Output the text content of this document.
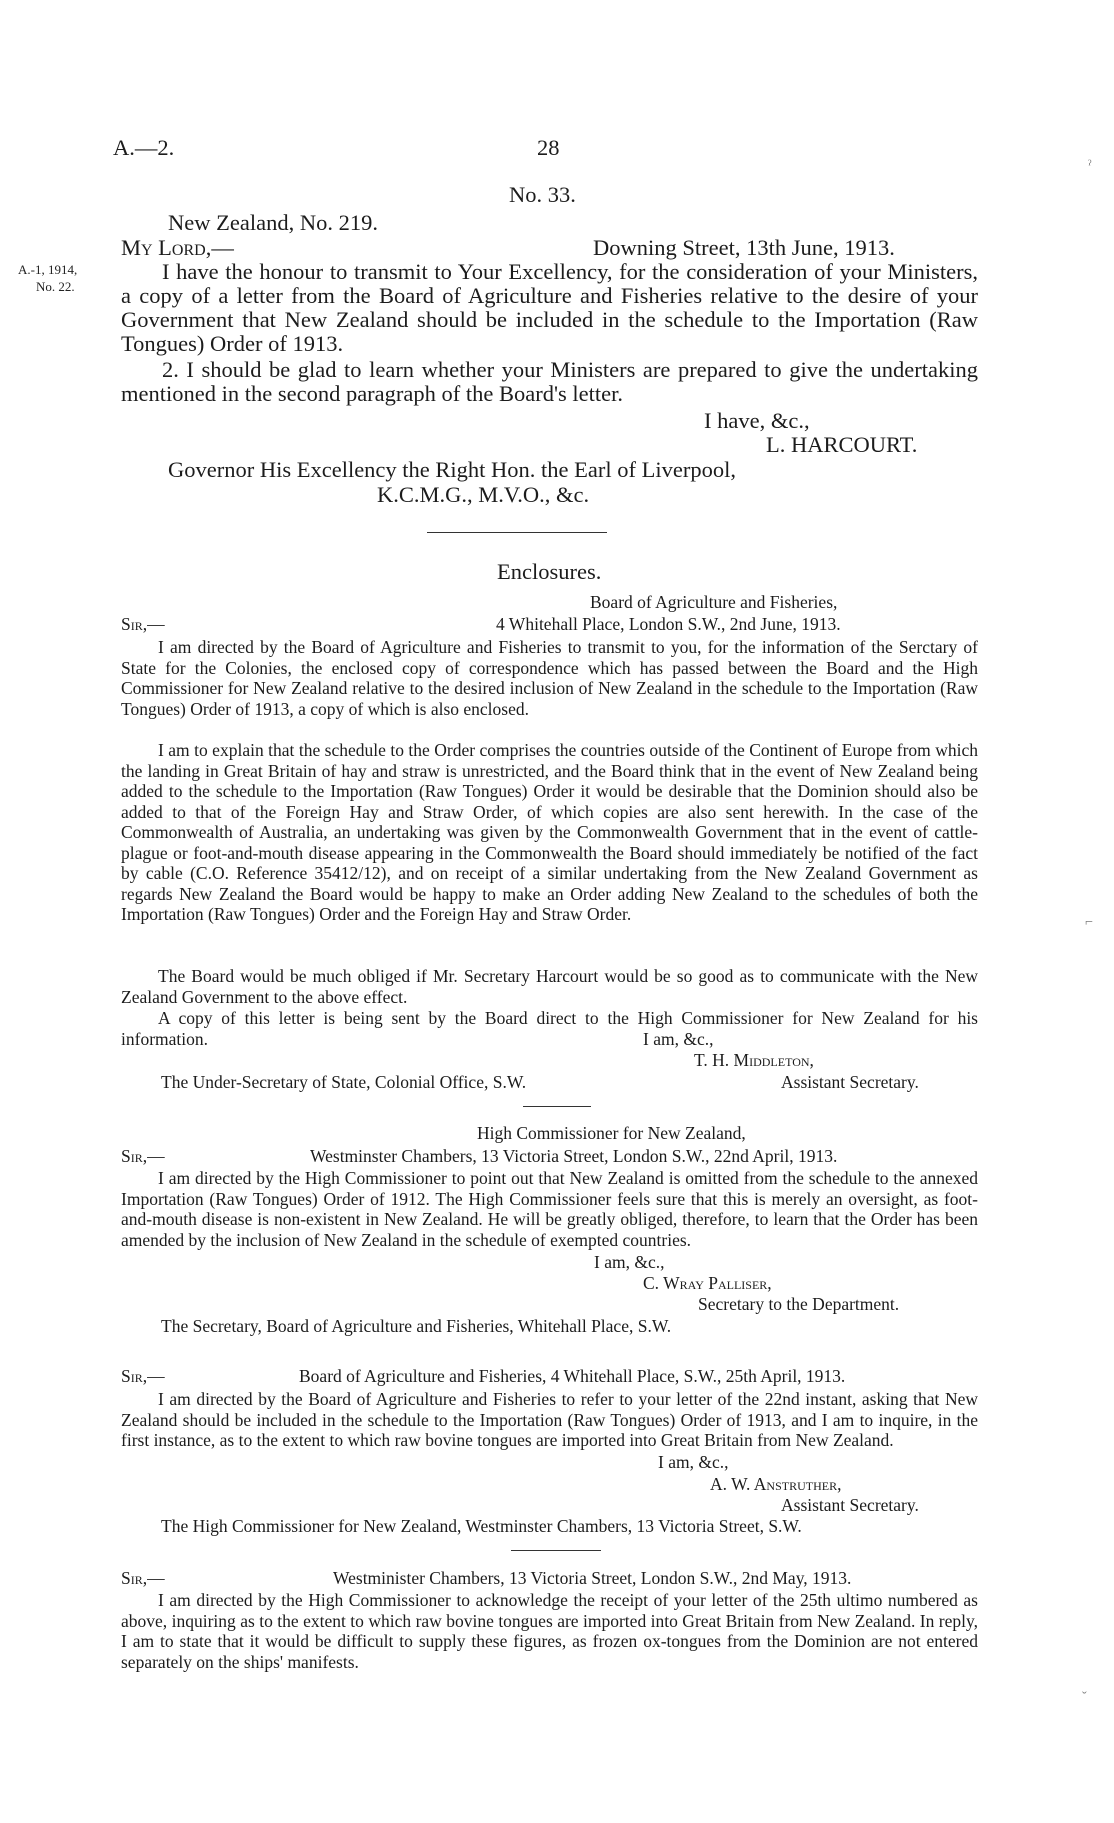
A.—2.	28
A.-1, 1914,
No. 22.
No. 33.
New Zealand, No. 219.
My Lord,—	Downing Street, 13th June, 1913.
I have the honour to transmit to Your Excellency, for the consideration of your Ministers, a copy of a letter from the Board of Agriculture and Fisheries relative to the desire of your Government that New Zealand should be included in the schedule to the Importation (Raw Tongues) Order of 1913.
2. I should be glad to learn whether your Ministers are prepared to give the undertaking mentioned in the second paragraph of the Board's letter.
I have, &c.,
L. HARCOURT.
Governor His Excellency the Right Hon. the Earl of Liverpool,
K.C.M.G., M.V.O., &c.
Enclosures.
Board of Agriculture and Fisheries,
Sir,—	4 Whitehall Place, London S.W., 2nd June, 1913.
I am directed by the Board of Agriculture and Fisheries to transmit to you, for the information of the Serctary of State for the Colonies, the enclosed copy of correspondence which has passed between the Board and the High Commissioner for New Zealand relative to the desired inclusion of New Zealand in the schedule to the Importation (Raw Tongues) Order of 1913, a copy of which is also enclosed.
I am to explain that the schedule to the Order comprises the countries outside of the Continent of Europe from which the landing in Great Britain of hay and straw is unrestricted, and the Board think that in the event of New Zealand being added to the schedule to the Importation (Raw Tongues) Order it would be desirable that the Dominion should also be added to that of the Foreign Hay and Straw Order, of which copies are also sent herewith. In the case of the Commonwealth of Australia, an undertaking was given by the Commonwealth Government that in the event of cattle-plague or foot-and-mouth disease appearing in the Commonwealth the Board should immediately be notified of the fact by cable (C.O. Reference 35412/12), and on receipt of a similar undertaking from the New Zealand Government as regards New Zealand the Board would be happy to make an Order adding New Zealand to the schedules of both the Importation (Raw Tongues) Order and the Foreign Hay and Straw Order.
The Board would be much obliged if Mr. Secretary Harcourt would be so good as to communicate with the New Zealand Government to the above effect.
A copy of this letter is being sent by the Board direct to the High Commissioner for New Zealand for his information.	I am, &c.,
T. H. Middleton,
The Under-Secretary of State, Colonial Office, S.W.	Assistant Secretary.
High Commissioner for New Zealand,
Sir,—	Westminster Chambers, 13 Victoria Street, London S.W., 22nd April, 1913.
I am directed by the High Commissioner to point out that New Zealand is omitted from the schedule to the annexed Importation (Raw Tongues) Order of 1912. The High Commissioner feels sure that this is merely an oversight, as foot-and-mouth disease is non-existent in New Zealand. He will be greatly obliged, therefore, to learn that the Order has been amended by the inclusion of New Zealand in the schedule of exempted countries.
I am, &c.,
C. Wray Palliser,
Secretary to the Department.
The Secretary, Board of Agriculture and Fisheries, Whitehall Place, S.W.
Sir,—	Board of Agriculture and Fisheries, 4 Whitehall Place, S.W., 25th April, 1913.
I am directed by the Board of Agriculture and Fisheries to refer to your letter of the 22nd instant, asking that New Zealand should be included in the schedule to the Importation (Raw Tongues) Order of 1913, and I am to inquire, in the first instance, as to the extent to which raw bovine tongues are imported into Great Britain from New Zealand.
I am, &c.,
A. W. Anstruther,
Assistant Secretary.
The High Commissioner for New Zealand, Westminster Chambers, 13 Victoria Street, S.W.
Sir,—	Westminister Chambers, 13 Victoria Street, London S.W., 2nd May, 1913.
I am directed by the High Commissioner to acknowledge the receipt of your letter of the 25th ultimo numbered as above, inquiring as to the extent to which raw bovine tongues are imported into Great Britain from New Zealand. In reply, I am to state that it would be difficult to supply these figures, as frozen ox-tongues from the Dominion are not entered separately on the ships' manifests.
ˀ
⌐
ˇ
